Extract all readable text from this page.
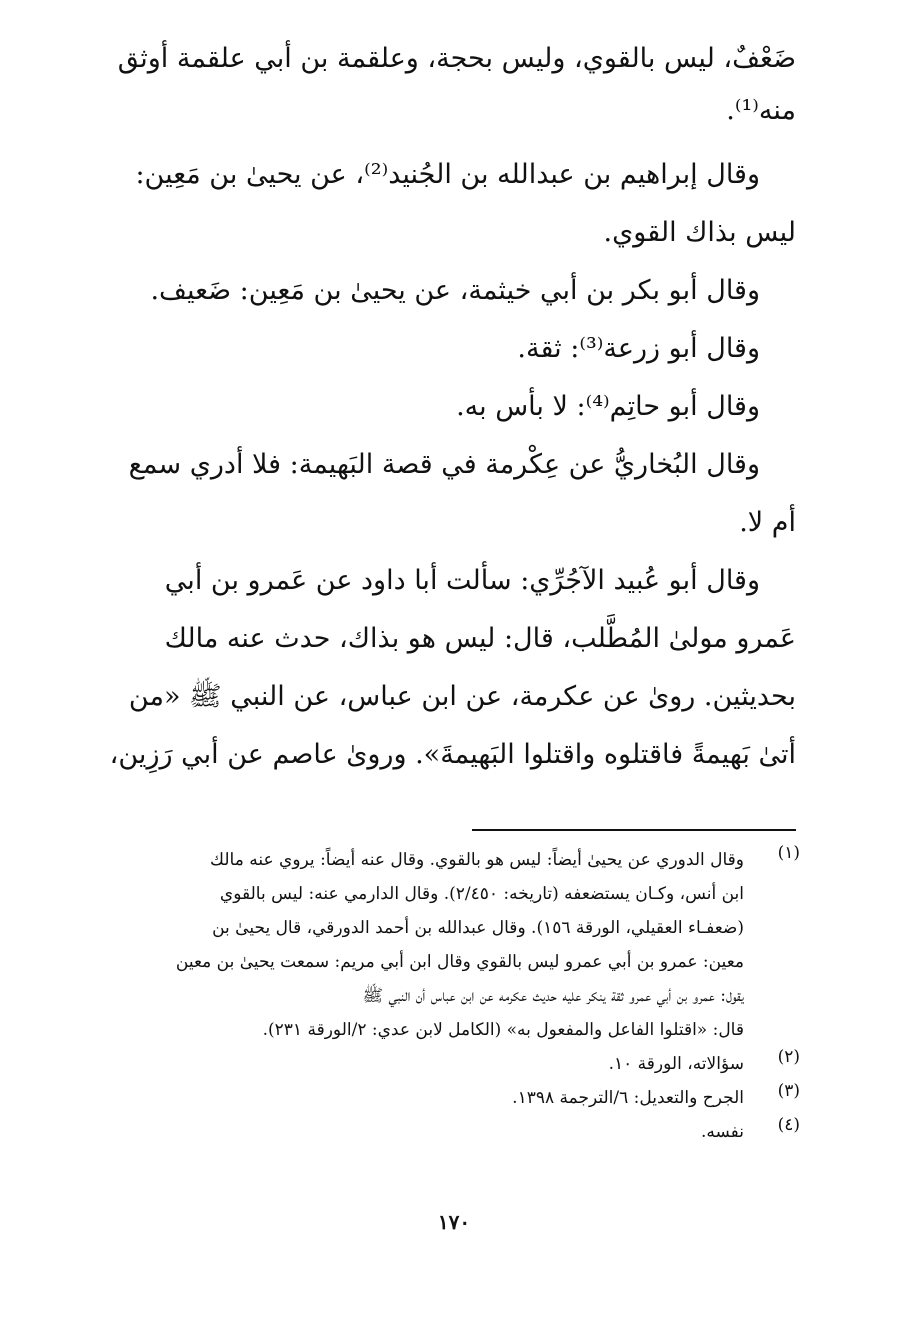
ضَعْفٌ، ليس بالقوي، وليس بحجة، وعلقمة بن أبي علقمة أوثق
منه⁽¹⁾.

وقال إبراهيم بن عبدالله بن الجُنيد⁽²⁾، عن يحيىٰ بن مَعِين:
ليس بذاك القوي.

وقال أبو بكر بن أبي خيثمة، عن يحيىٰ بن مَعِين: ضَعيف.

وقال أبو زرعة⁽³⁾: ثقة.

وقال أبو حاتِم⁽⁴⁾: لا بأس به.

وقال البُخاريُّ عن عِكْرمة في قصة البَهيمة: فلا أدري سمع
أم لا.

وقال أبو عُبيد الآجُرِّي: سألت أبا داود عن عَمرو بن أبي
عَمرو مولىٰ المُطَّلب، قال: ليس هو بذاك، حدث عنه مالك
بحديثين. روىٰ عن عكرمة، عن ابن عباس، عن النبي ﷺ «من
أتىٰ بَهيمةً فاقتلوه واقتلوا البَهيمةَ». وروىٰ عاصم عن أبي رَزِين،

(١)
وقال الدوري عن يحيىٰ أيضاً: ليس هو بالقوي. وقال عنه أيضاً: يروي عنه مالك
ابن أنس، وكـان يستضعفه (تاريخه: ٢/٤٥٠). وقال الدارمي عنه: ليس بالقوي
(ضعفـاء العقيلي، الورقة ١٥٦). وقال عبدالله بن أحمد الدورقي، قال يحيىٰ بن
معين: عمرو بن أبي عمرو ليس بالقوي وقال ابن أبي مريم: سمعت يحيىٰ بن معين
يقول: عمرو بن أبي عمرو ثقة ينكر عليه حديث عكرمه عن ابن عباس أن النبي ﷺ
قال: «اقتلوا الفاعل والمفعول به» (الكامل لابن عدي: ٢/الورقة ٢٣١).
(٢)
سؤالاته، الورقة ١٠.
(٣)
الجرح والتعديل: ٦/الترجمة ١٣٩٨.
(٤)
نفسه.
١٧٠
